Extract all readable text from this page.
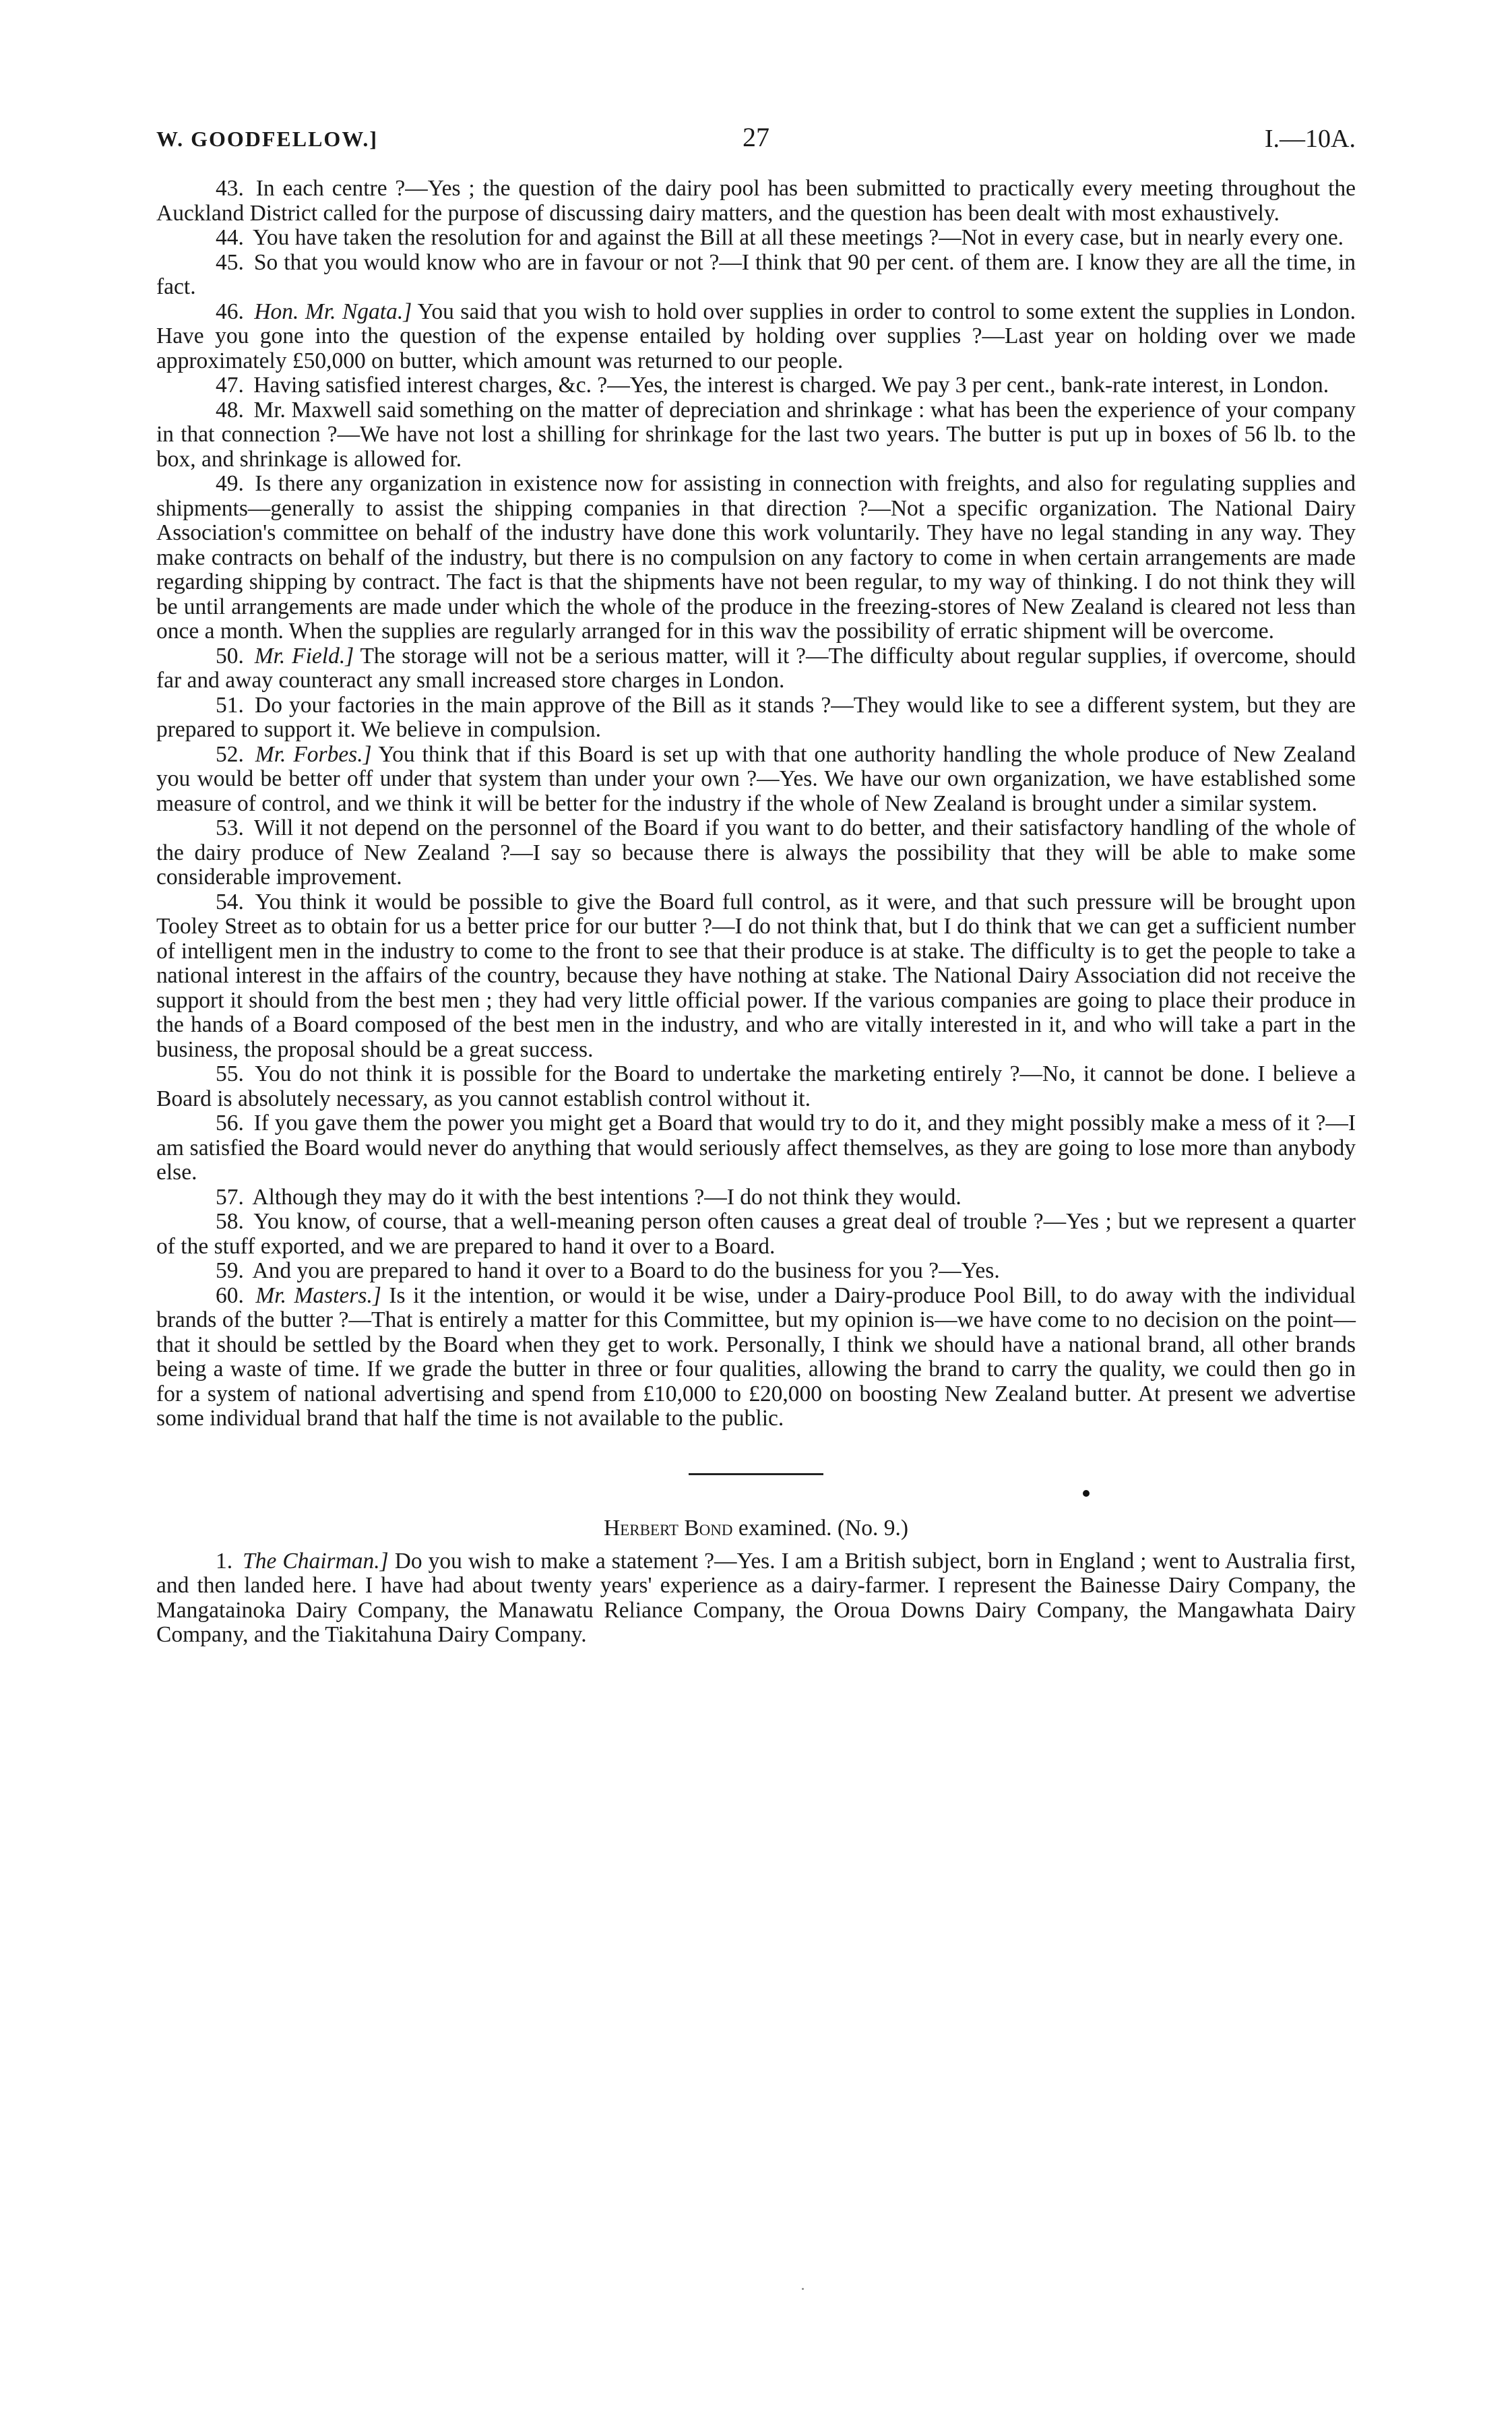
W. GOODFELLOW.]	27	I.—10A.

43. In each centre ?—Yes ; the question of the dairy pool has been submitted to practically every meeting throughout the Auckland District called for the purpose of discussing dairy matters, and the question has been dealt with most exhaustively.

44. You have taken the resolution for and against the Bill at all these meetings ?—Not in every case, but in nearly every one.

45. So that you would know who are in favour or not ?—I think that 90 per cent. of them are. I know they are all the time, in fact.

46. Hon. Mr. Ngata.] You said that you wish to hold over supplies in order to control to some extent the supplies in London. Have you gone into the question of the expense entailed by holding over supplies ?—Last year on holding over we made approximately £50,000 on butter, which amount was returned to our people.

47. Having satisfied interest charges, &c. ?—Yes, the interest is charged. We pay 3 per cent., bank-rate interest, in London.

48. Mr. Maxwell said something on the matter of depreciation and shrinkage : what has been the experience of your company in that connection ?—We have not lost a shilling for shrinkage for the last two years. The butter is put up in boxes of 56 lb. to the box, and shrinkage is allowed for.

49. Is there any organization in existence now for assisting in connection with freights, and also for regulating supplies and shipments—generally to assist the shipping companies in that direction ?—Not a specific organization. The National Dairy Association's committee on behalf of the industry have done this work voluntarily. They have no legal standing in any way. They make contracts on behalf of the industry, but there is no compulsion on any factory to come in when certain arrangements are made regarding shipping by contract. The fact is that the shipments have not been regular, to my way of thinking. I do not think they will be until arrangements are made under which the whole of the produce in the freezing-stores of New Zealand is cleared not less than once a month. When the supplies are regularly arranged for in this wav the possibility of erratic shipment will be overcome.

50. Mr. Field.] The storage will not be a serious matter, will it ?—The difficulty about regular supplies, if overcome, should far and away counteract any small increased store charges in London.

51. Do your factories in the main approve of the Bill as it stands ?—They would like to see a different system, but they are prepared to support it. We believe in compulsion.

52. Mr. Forbes.] You think that if this Board is set up with that one authority handling the whole produce of New Zealand you would be better off under that system than under your own ?—Yes. We have our own organization, we have established some measure of control, and we think it will be better for the industry if the whole of New Zealand is brought under a similar system.

53. Will it not depend on the personnel of the Board if you want to do better, and their satisfactory handling of the whole of the dairy produce of New Zealand ?—I say so because there is always the possibility that they will be able to make some considerable improvement.

54. You think it would be possible to give the Board full control, as it were, and that such pressure will be brought upon Tooley Street as to obtain for us a better price for our butter ?—I do not think that, but I do think that we can get a sufficient number of intelligent men in the industry to come to the front to see that their produce is at stake. The difficulty is to get the people to take a national interest in the affairs of the country, because they have nothing at stake. The National Dairy Association did not receive the support it should from the best men ; they had very little official power. If the various companies are going to place their produce in the hands of a Board composed of the best men in the industry, and who are vitally interested in it, and who will take a part in the business, the proposal should be a great success.

55. You do not think it is possible for the Board to undertake the marketing entirely ?—No, it cannot be done. I believe a Board is absolutely necessary, as you cannot establish control without it.

56. If you gave them the power you might get a Board that would try to do it, and they might possibly make a mess of it ?—I am satisfied the Board would never do anything that would seriously affect themselves, as they are going to lose more than anybody else.

57. Although they may do it with the best intentions ?—I do not think they would.

58. You know, of course, that a well-meaning person often causes a great deal of trouble ?—Yes ; but we represent a quarter of the stuff exported, and we are prepared to hand it over to a Board.

59. And you are prepared to hand it over to a Board to do the business for you ?—Yes.

60. Mr. Masters.] Is it the intention, or would it be wise, under a Dairy-produce Pool Bill, to do away with the individual brands of the butter ?—That is entirely a matter for this Committee, but my opinion is—we have come to no decision on the point—that it should be settled by the Board when they get to work. Personally, I think we should have a national brand, all other brands being a waste of time. If we grade the butter in three or four qualities, allowing the brand to carry the quality, we could then go in for a system of national advertising and spend from £10,000 to £20,000 on boosting New Zealand butter. At present we advertise some individual brand that half the time is not available to the public.

Herbert Bond examined. (No. 9.)

1. The Chairman.] Do you wish to make a statement ?—Yes. I am a British subject, born in England ; went to Australia first, and then landed here. I have had about twenty years' experience as a dairy-farmer. I represent the Bainesse Dairy Company, the Mangatainoka Dairy Company, the Manawatu Reliance Company, the Oroua Downs Dairy Company, the Mangawhata Dairy Company, and the Tiakitahuna Dairy Company.
